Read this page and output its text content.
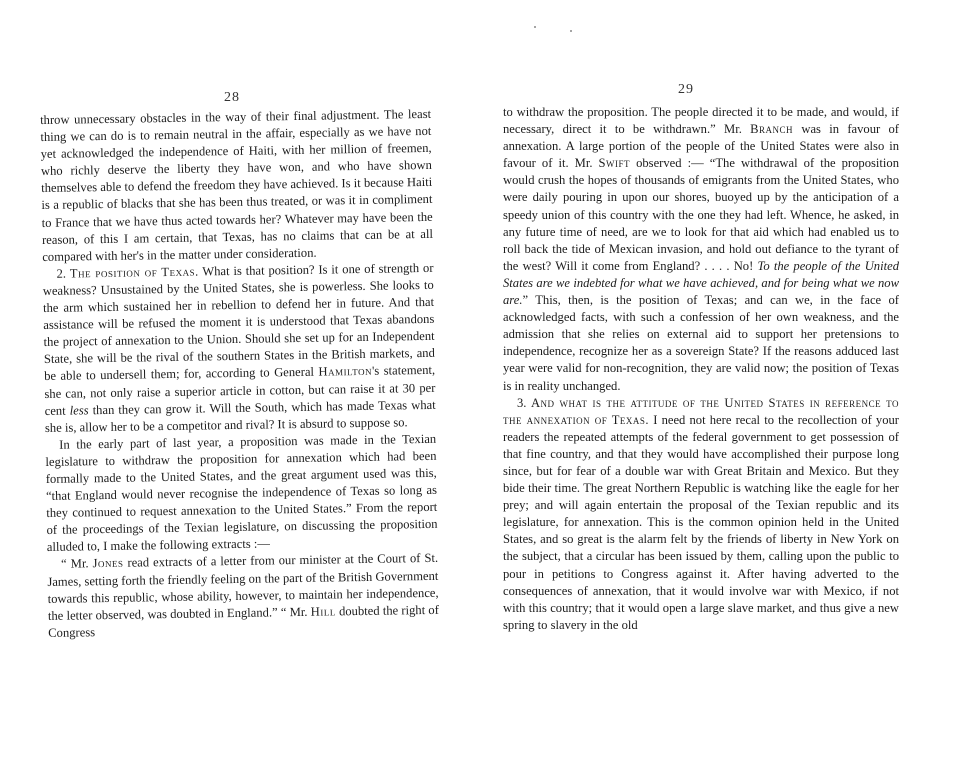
28

throw unnecessary obstacles in the way of their final adjustment. The least thing we can do is to remain neutral in the affair, especially as we have not yet acknowledged the independence of Haiti, with her million of freemen, who richly deserve the liberty they have won, and who have shown themselves able to defend the freedom they have achieved. Is it because Haiti is a republic of blacks that she has been thus treated, or was it in compliment to France that we have thus acted towards her? Whatever may have been the reason, of this I am certain, that Texas, has no claims that can be at all compared with her's in the matter under consideration.

2. The position of Texas. What is that position? Is it one of strength or weakness? Unsustained by the United States, she is powerless. She looks to the arm which sustained her in rebellion to defend her in future. And that assistance will be refused the moment it is understood that Texas abandons the project of annexation to the Union. Should she set up for an Independent State, she will be the rival of the southern States in the British markets, and be able to undersell them; for, according to General Hamilton's statement, she can, not only raise a superior article in cotton, but can raise it at 30 per cent less than they can grow it. Will the South, which has made Texas what she is, allow her to be a competitor and rival? It is absurd to suppose so.

In the early part of last year, a proposition was made in the Texian legislature to withdraw the proposition for annexation which had been formally made to the United States, and the great argument used was this, “that England would never recognise the independence of Texas so long as they continued to request annexation to the United States.” From the report of the proceedings of the Texian legislature, on discussing the proposition alluded to, I make the following extracts :—

“ Mr. Jones read extracts of a letter from our minister at the Court of St. James, setting forth the friendly feeling on the part of the British Government towards this republic, whose ability, however, to maintain her independence, the letter observed, was doubted in England.” “ Mr. Hill doubted the right of Congress

29

to withdraw the proposition. The people directed it to be made, and would, if necessary, direct it to be withdrawn.” Mr. Branch was in favour of annexation. A large portion of the people of the United States were also in favour of it. Mr. Swift observed :— “The withdrawal of the proposition would crush the hopes of thousands of emigrants from the United States, who were daily pouring in upon our shores, buoyed up by the anticipation of a speedy union of this country with the one they had left. Whence, he asked, in any future time of need, are we to look for that aid which had enabled us to roll back the tide of Mexican invasion, and hold out defiance to the tyrant of the west? Will it come from England? . . . . No! To the people of the United States are we indebted for what we have achieved, and for being what we now are.” This, then, is the position of Texas; and can we, in the face of acknowledged facts, with such a confession of her own weakness, and the admission that she relies on external aid to support her pretensions to independence, recognize her as a sovereign State? If the reasons adduced last year were valid for non-recognition, they are valid now; the position of Texas is in reality unchanged.

3. And what is the attitude of the United States in reference to the annexation of Texas. I need not here recal to the recollection of your readers the repeated attempts of the federal government to get possession of that fine country, and that they would have accomplished their purpose long since, but for fear of a double war with Great Britain and Mexico. But they bide their time. The great Northern Republic is watching like the eagle for her prey; and will again entertain the proposal of the Texian republic and its legislature, for annexation. This is the common opinion held in the United States, and so great is the alarm felt by the friends of liberty in New York on the subject, that a circular has been issued by them, calling upon the public to pour in petitions to Congress against it. After having adverted to the consequences of annexation, that it would involve war with Mexico, if not with this country; that it would open a large slave market, and thus give a new spring to slavery in the old
